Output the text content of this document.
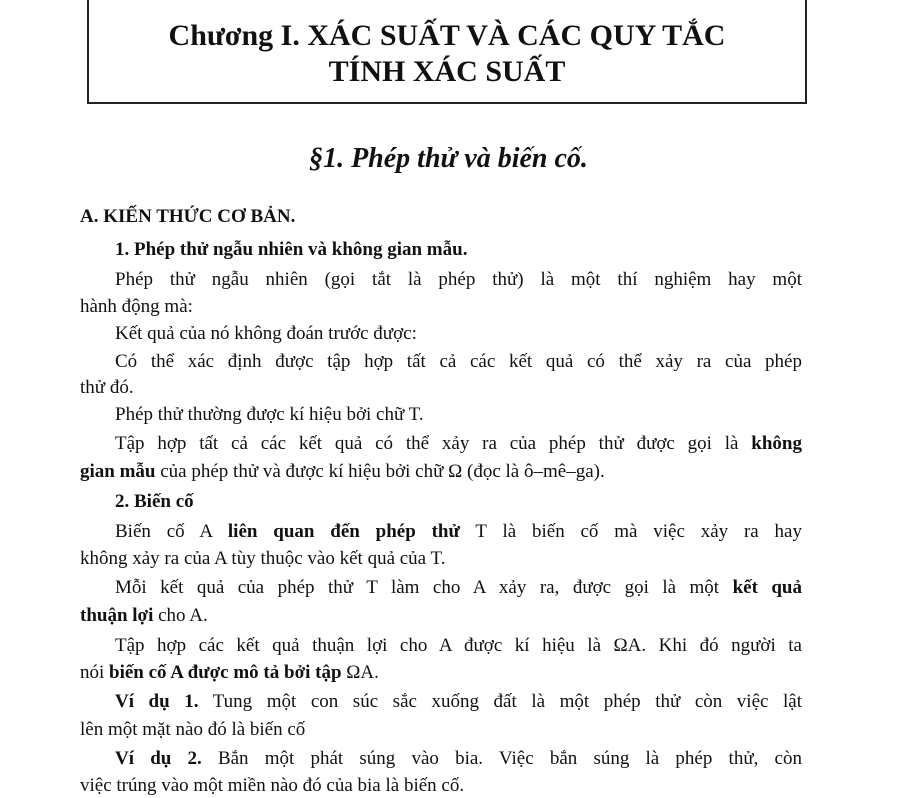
Chương I. XÁC SUẤT VÀ CÁC QUY TẮC
TÍNH XÁC SUẤT
§1. Phép thử và biến cố.
A. KIẾN THỨC CƠ BẢN.
1. Phép thử ngẫu nhiên và không gian mẫu.
Phép thử ngẫu nhiên (gọi tắt là phép thử) là một thí nghiệm hay một
hành động mà:
Kết quả của nó không đoán trước được:
Có thể xác định được tập hợp tất cả các kết quả có thể xảy ra của phép
thử đó.
Phép thử thường được kí hiệu bởi chữ T.
Tập hợp tất cả các kết quả có thể xảy ra của phép thử được gọi là không
gian mẫu của phép thử và được kí hiệu bởi chữ Ω (đọc là ô–mê–ga).
2. Biến cố
Biến cố A liên quan đến phép thử T là biến cố mà việc xảy ra hay
không xảy ra của A tùy thuộc vào kết quả của T.
Mỗi kết quả của phép thử T làm cho A xảy ra, được gọi là một kết quả
thuận lợi cho A.
Tập hợp các kết quả thuận lợi cho A được kí hiệu là ΩA. Khi đó người ta
nói biến cố A được mô tả bởi tập ΩA.
Ví dụ 1. Tung một con súc sắc xuống đất là một phép thử còn việc lật
lên một mặt nào đó là biến cố
Ví dụ 2. Bắn một phát súng vào bia. Việc bắn súng là phép thử, còn
việc trúng vào một miền nào đó của bia là biến cố.
